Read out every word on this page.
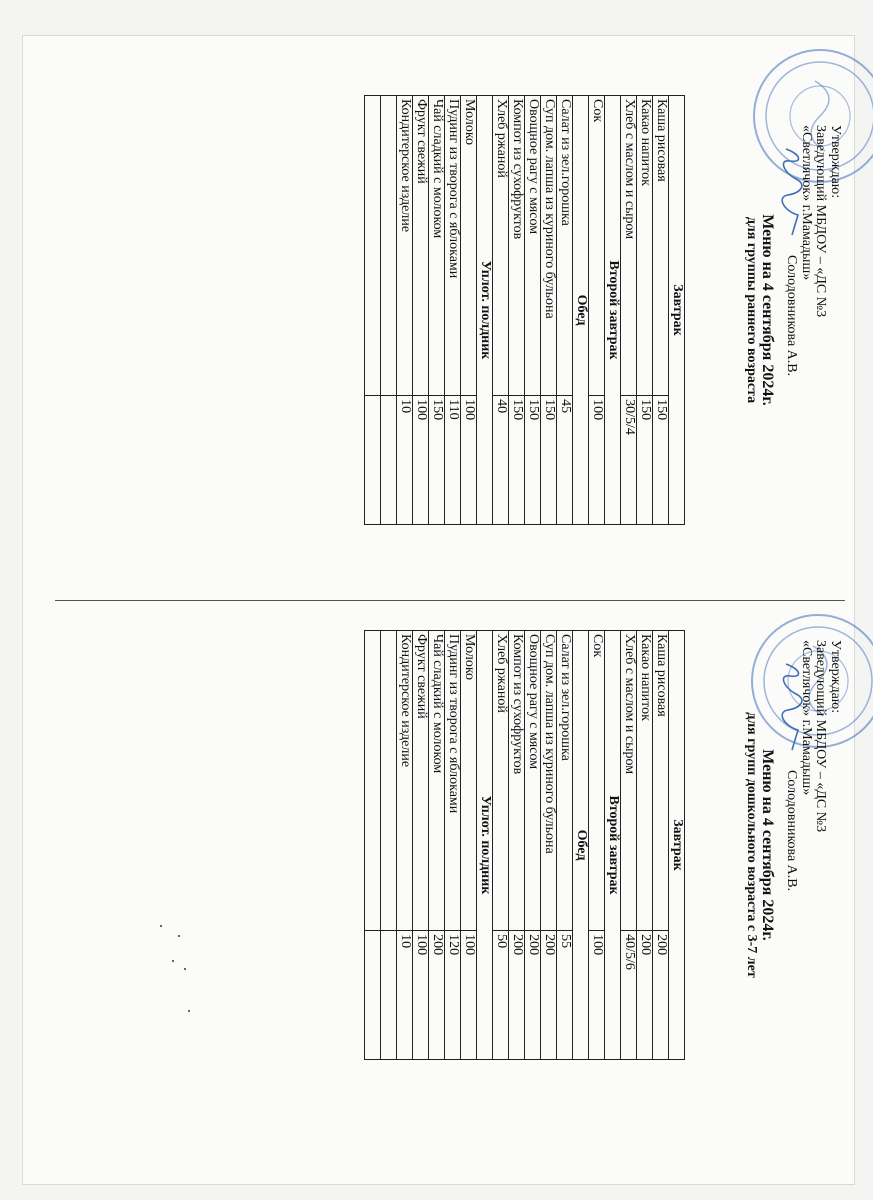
Утверждаю:
Заведующий МБДОУ – «ДС №3
«Светлячок» г.Мамадыш»
Солодовникова А.В.
Меню на 4 сентября 2024г.
для группы раннего возраста
Завтрак	
Каша рисовая	150
Какао напиток	150
Хлеб с маслом и сыром	30/5/4
Второй завтрак	
Сок	100
Обед	
Салат из зел.горошка	45
Суп дом. лапша из куриного бульона	150
Овощное рагу с мясом	150
Компот из сухофруктов	150
Хлеб ржаной	40
Уплот. полдник	
Молоко	100
Пудинг из творога с яблоками	110
Чай сладкий с молоком	150
Фрукт свежий	100
Кондитерское изделие	10

Утверждаю:
Заведующий МБДОУ – «ДС №3
«Светлячок» г.Мамадыш»
Солодовникова А.В.
Меню на 4 сентября 2024г.
для групп дошкольного возраста с 3-7 лет
Завтрак	
Каша рисовая	200
Какао напиток	200
Хлеб с маслом и сыром	40/5/6
Второй завтрак	
Сок	100
Обед	
Салат из зел.горошка	55
Суп дом. лапша из куриного бульона	200
Овощное рагу с мясом	200
Компот из сухофруктов	200
Хлеб ржаной	50
Уплот. полдник	
Молоко	100
Пудинг из творога с яблоками	120
Чай сладкий с молоком	200
Фрукт свежий	100
Кондитерское изделие	10
